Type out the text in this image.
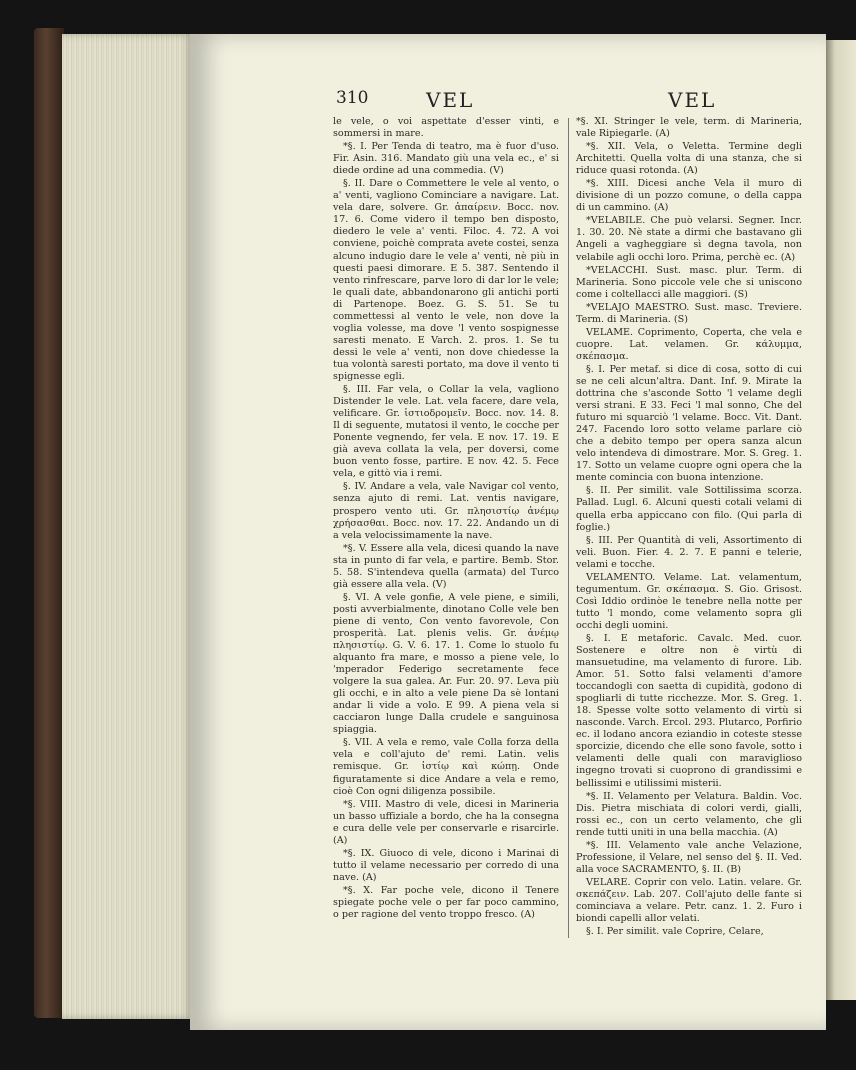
310	VEL	VEL

le vele, o voi aspettate d'esser vinti, e sommersi in mare.

*§. I. Per Tenda di teatro, ma è fuor d'uso. Fir. Asin. 316. Mandato giù una vela ec., e' si diede ordine ad una commedia. (V)

§. II. Dare o Commettere le vele al vento, o a' venti, vagliono Cominciare a navigare. Lat. vela dare, solvere. Gr. ἀπαίρειν. Bocc. nov. 17. 6. Come videro il tempo ben disposto, diedero le vele a' venti. Filoc. 4. 72. A voi conviene, poichè comprata avete costei, senza alcuno indugio dare le vele a' venti, nè più in questi paesi dimorare. E 5. 387. Sentendo il vento rinfrescare, parve loro di dar lor le vele; le quali date, abbandonarono gli antichi porti di Partenope. Boez. G. S. 51. Se tu commettessi al vento le vele, non dove la voglia volesse, ma dove 'l vento sospignesse saresti menato. E Varch. 2. pros. 1. Se tu dessi le vele a' venti, non dove chiedesse la tua volontà saresti portato, ma dove il vento ti spignesse egli.

§. III. Far vela, o Collar la vela, vagliono Distender le vele. Lat. vela facere, dare vela, velificare. Gr. ἱστιοδρομεῖν. Bocc. nov. 14. 8. Il di seguente, mutatosi il vento, le cocche per Ponente vegnendo, fer vela. E nov. 17. 19. E già aveva collata la vela, per doversi, come buon vento fosse, partire. E nov. 42. 5. Fece vela, e gittò via i remi.

§. IV. Andare a vela, vale Navigar col vento, senza ajuto di remi. Lat. ventis navigare, prospero vento uti. Gr. πλησιστίῳ ἀνέμῳ χρήσασθαι. Bocc. nov. 17. 22. Andando un di a vela velocissimamente la nave.

*§. V. Essere alla vela, dicesi quando la nave sta in punto di far vela, e partire. Bemb. Stor. 5. 58. S'intendeva quella (armata) del Turco già essere alla vela. (V)

§. VI. A vele gonfie, A vele piene, e simili, posti avverbialmente, dinotano Colle vele ben piene di vento, Con vento favorevole, Con prosperità. Lat. plenis velis. Gr. ἀνέμῳ πλησιστίῳ. G. V. 6. 17. 1. Come lo stuolo fu alquanto fra mare, e mosso a piene vele, lo 'mperador Federigo secretamente fece volgere la sua galea. Ar. Fur. 20. 97. Leva più gli occhi, e in alto a vele piene Da sè lontani andar li vide a volo. E 99. A piena vela si cacciaron lunge Dalla crudele e sanguinosa spiaggia.

§. VII. A vela e remo, vale Colla forza della vela e coll'ajuto de' remi. Latin. velis remisque. Gr. ἱστίῳ καὶ κώπῃ. Onde figuratamente si dice Andare a vela e remo, cioè Con ogni diligenza possibile.

*§. VIII. Mastro di vele, dicesi in Marineria un basso uffiziale a bordo, che ha la consegna e cura delle vele per conservarle e risarcirle. (A)

*§. IX. Giuoco di vele, dicono i Marinai di tutto il velame necessario per corredo di una nave. (A)

*§. X. Far poche vele, dicono il Tenere spiegate poche vele o per far poco cammino, o per ragione del vento troppo fresco. (A)

*§. XI. Stringer le vele, term. di Marineria, vale Ripiegarle. (A)

*§. XII. Vela, o Veletta. Termine degli Architetti. Quella volta di una stanza, che si riduce quasi rotonda. (A)

*§. XIII. Dicesi anche Vela il muro di divisione di un pozzo comune, o della cappa di un cammino. (A)

*VELABILE. Che può velarsi. Segner. Incr. 1. 30. 20. Nè state a dirmi che bastavano gli Angeli a vagheggiare sì degna tavola, non velabile agli occhi loro. Prima, perchè ec. (A)

*VELACCHI. Sust. masc. plur. Term. di Marineria. Sono piccole vele che si uniscono come i coltellacci alle maggiori. (S)

*VELAJO MAESTRO. Sust. masc. Treviere. Term. di Marineria. (S)

VELAME. Coprimento, Coperta, che vela e cuopre. Lat. velamen. Gr. κάλυμμα, σκέπασμα.

§. I. Per metaf. si dice di cosa, sotto di cui se ne celi alcun'altra. Dant. Inf. 9. Mirate la dottrina che s'asconde Sotto 'l velame degli versi strani. E 33. Feci 'l mal sonno, Che del futuro mi squarciò 'l velame. Bocc. Vit. Dant. 247. Facendo loro sotto velame parlare ciò che a debito tempo per opera sanza alcun velo intendeva di dimostrare. Mor. S. Greg. 1. 17. Sotto un velame cuopre ogni opera che la mente comincia con buona intenzione.

§. II. Per similit. vale Sottilissima scorza. Pallad. Lugl. 6. Alcuni questi cotali velami di quella erba appiccano con filo. (Qui parla di foglie.)

§. III. Per Quantità di veli, Assortimento di veli. Buon. Fier. 4. 2. 7. E panni e telerie, velami e tocche.

VELAMENTO. Velame. Lat. velamentum, tegumentum. Gr. σκέπασμα. S. Gio. Grisost. Così Iddio ordinòe le tenebre nella notte per tutto 'l mondo, come velamento sopra gli occhi degli uomini.

§. I. E metaforic. Cavalc. Med. cuor. Sostenere e oltre non è virtù di mansuetudine, ma velamento di furore. Lib. Amor. 51. Sotto falsi velamenti d'amore toccandogli con saetta di cupidità, godono di spogliarli di tutte ricchezze. Mor. S. Greg. 1. 18. Spesse volte sotto velamento di virtù si nasconde. Varch. Ercol. 293. Plutarco, Porfirio ec. il lodano ancora eziandio in coteste stesse sporcizie, dicendo che elle sono favole, sotto i velamenti delle quali con maraviglioso ingegno trovati si cuoprono di grandissimi e bellissimi e utilissimi misterii.

*§. II. Velamento per Velatura. Baldin. Voc. Dis. Pietra mischiata di colori verdi, gialli, rossi ec., con un certo velamento, che gli rende tutti uniti in una bella macchia. (A)

*§. III. Velamento vale anche Velazione, Professione, il Velare, nel senso del §. II. Ved. alla voce SACRAMENTO, §. II. (B)

VELARE. Coprir con velo. Latin. velare. Gr. σκεπάζειν. Lab. 207. Coll'ajuto delle fante si cominciava a velare. Petr. canz. 1. 2. Furo i biondi capelli allor velati.

§. I. Per similit. vale Coprire, Celare,
